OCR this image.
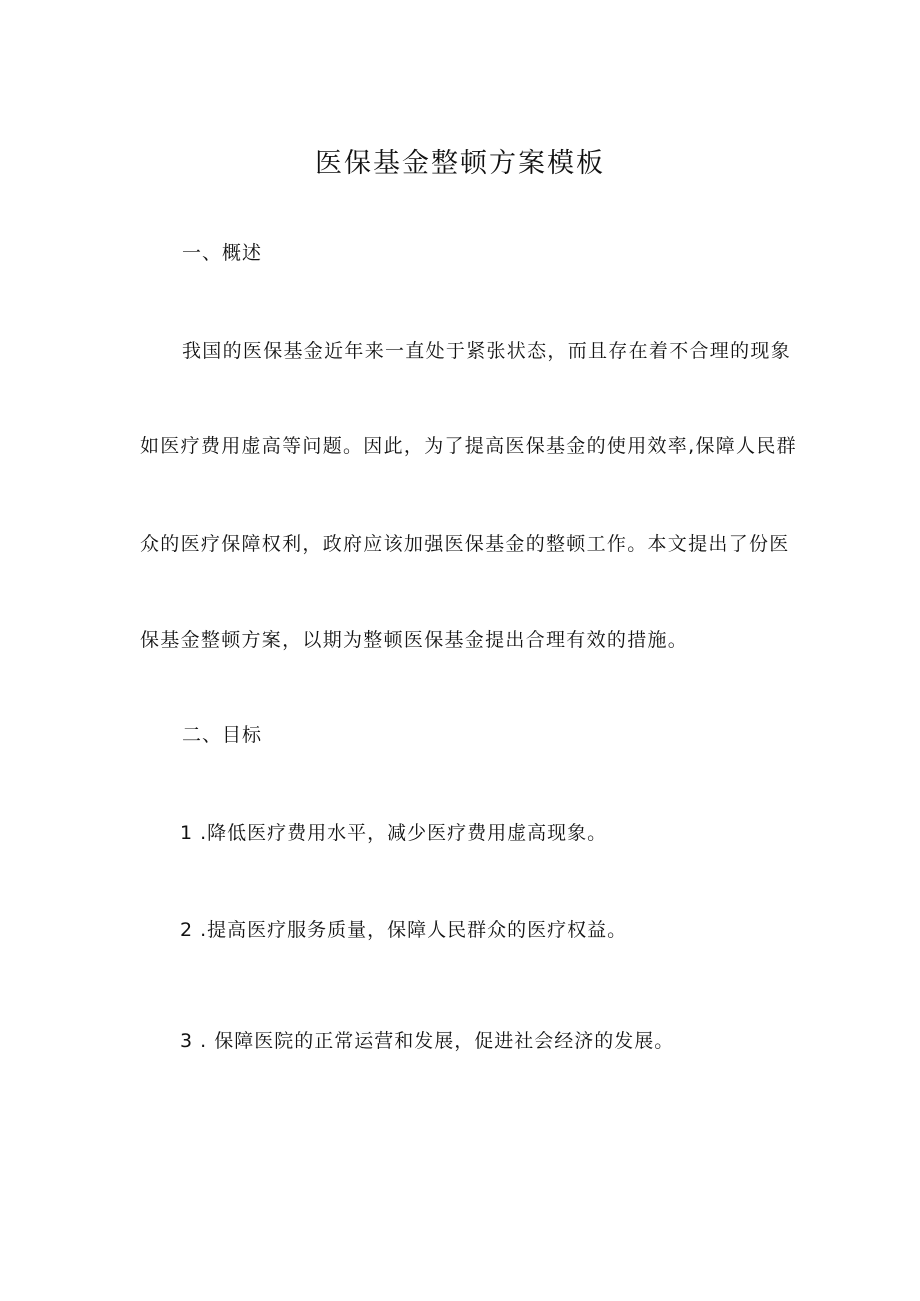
医保基金整顿方案模板

一、概述

我国的医保基金近年来一直处于紧张状态，而且存在着不合理的现象

如医疗费用虚高等问题。因此，为了提高医保基金的使用效率,保障人民群

众的医疗保障权利，政府应该加强医保基金的整顿工作。本文提出了份医

保基金整顿方案，以期为整顿医保基金提出合理有效的措施。

二、目标

1 .降低医疗费用水平，减少医疗费用虚高现象。

2 .提高医疗服务质量，保障人民群众的医疗权益。

3 . 保障医院的正常运营和发展，促进社会经济的发展。
